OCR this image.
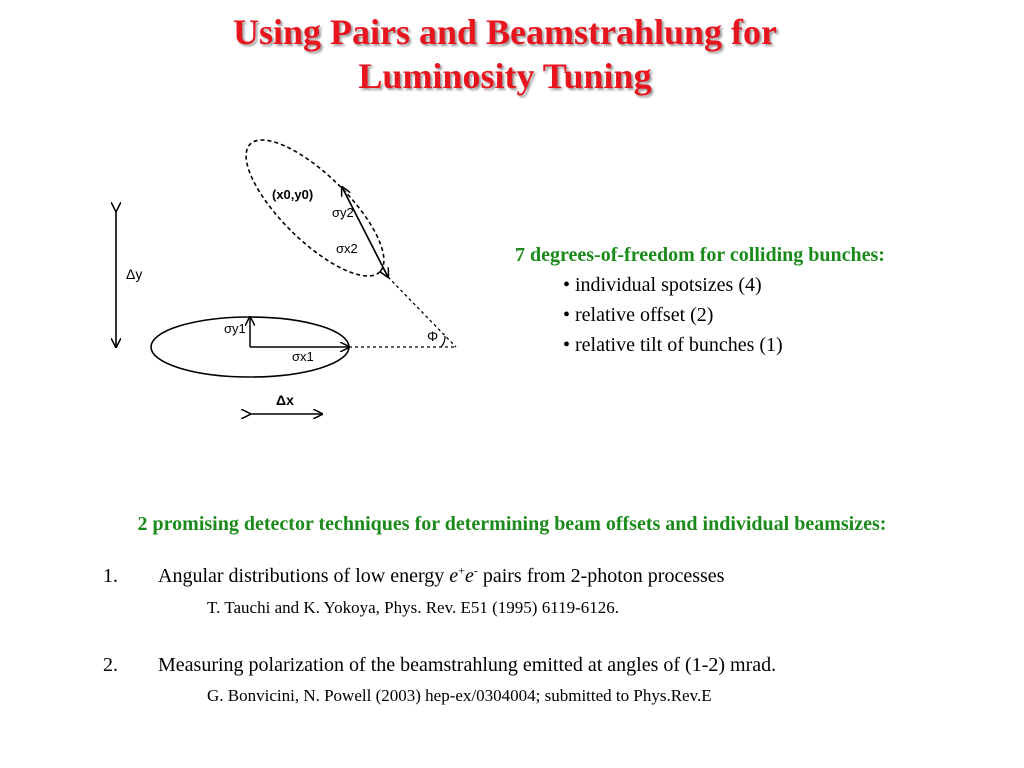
Using Pairs and Beamstrahlung for
Luminosity Tuning
Δy
σy1
σx1
(x0,y0)
σy2
σx2
Φ
Δx
7 degrees-of-freedom for colliding bunches:
• individual spotsizes (4)
• relative offset (2)
• relative tilt of bunches (1)
2 promising detector techniques for determining beam offsets and individual beamsizes:
1. Angular distributions of low energy e+e- pairs from 2-photon processes
T. Tauchi and K. Yokoya, Phys. Rev. E51 (1995) 6119-6126.
2. Measuring polarization of the beamstrahlung emitted at angles of (1-2) mrad.
G. Bonvicini, N. Powell (2003) hep-ex/0304004; submitted to Phys.Rev.E
